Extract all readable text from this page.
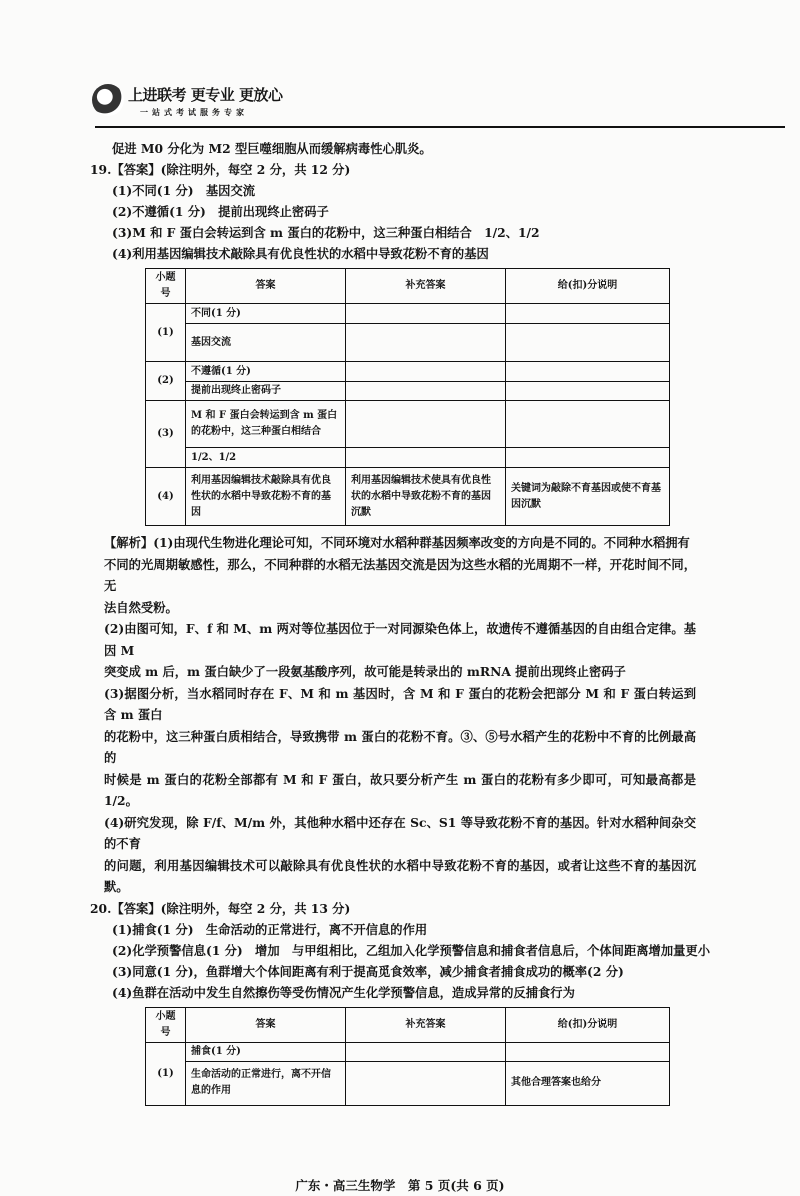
上进联考 更专业 更放心
一站式考试服务专家
促进 M0 分化为 M2 型巨噬细胞从而缓解病毒性心肌炎。
19.【答案】(除注明外，每空 2 分，共 12 分)
(1)不同(1 分)　基因交流
(2)不遵循(1 分)　提前出现终止密码子
(3)M 和 F 蛋白会转运到含 m 蛋白的花粉中，这三种蛋白相结合　1/2、1/2
(4)利用基因编辑技术敲除具有优良性状的水稻中导致花粉不育的基因
小题号	答案	补充答案	给(扣)分说明
(1)	不同(1 分)		
	基因交流		
(2)	不遵循(1 分)		
	提前出现终止密码子		
(3)	M 和 F 蛋白会转运到含 m 蛋白的花粉中，这三种蛋白相结合		
	1/2、1/2		
(4)	利用基因编辑技术敲除具有优良性状的水稻中导致花粉不育的基因	利用基因编辑技术使具有优良性状的水稻中导致花粉不育的基因沉默	关键词为敲除不育基因或使不育基因沉默
【解析】(1)由现代生物进化理论可知，不同环境对水稻种群基因频率改变的方向是不同的。不同种水稻拥有
不同的光周期敏感性，那么，不同种群的水稻无法基因交流是因为这些水稻的光周期不一样，开花时间不同，无
法自然受粉。
(2)由图可知，F、f 和 M、m 两对等位基因位于一对同源染色体上，故遗传不遵循基因的自由组合定律。基因 M
突变成 m 后，m 蛋白缺少了一段氨基酸序列，故可能是转录出的 mRNA 提前出现终止密码子
(3)据图分析，当水稻同时存在 F、M 和 m 基因时，含 M 和 F 蛋白的花粉会把部分 M 和 F 蛋白转运到含 m 蛋白
的花粉中，这三种蛋白质相结合，导致携带 m 蛋白的花粉不育。③、⑤号水稻产生的花粉中不育的比例最高的
时候是 m 蛋白的花粉全部都有 M 和 F 蛋白，故只要分析产生 m 蛋白的花粉有多少即可，可知最高都是 1/2。
(4)研究发现，除 F/f、M/m 外，其他种水稻中还存在 Sc、S1 等导致花粉不育的基因。针对水稻种间杂交的不育
的问题，利用基因编辑技术可以敲除具有优良性状的水稻中导致花粉不育的基因，或者让这些不育的基因沉默。
20.【答案】(除注明外，每空 2 分，共 13 分)
(1)捕食(1 分)　生命活动的正常进行，离不开信息的作用
(2)化学预警信息(1 分)　增加　与甲组相比，乙组加入化学预警信息和捕食者信息后，个体间距离增加量更小
(3)同意(1 分)，鱼群增大个体间距离有利于提高觅食效率，减少捕食者捕食成功的概率(2 分)
(4)鱼群在活动中发生自然擦伤等受伤情况产生化学预警信息，造成异常的反捕食行为
小题号	答案	补充答案	给(扣)分说明
(1)	捕食(1 分)		
	生命活动的正常进行，离不开信息的作用		其他合理答案也给分
广东・高三生物学　第 5 页(共 6 页)
